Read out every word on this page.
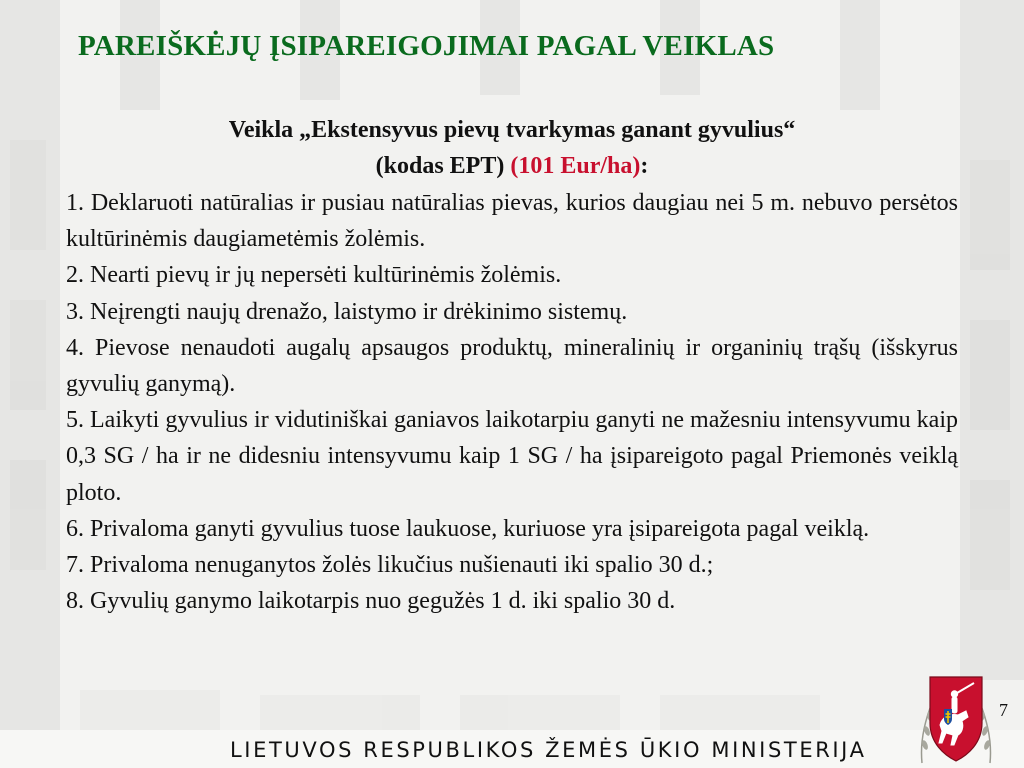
PAREIŠKĖJŲ ĮSIPAREIGOJIMAI PAGAL VEIKLAS
Veikla „Ekstensyvus pievų tvarkymas ganant gyvulius“
(kodas EPT) (101 Eur/ha):

1. Deklaruoti natūralias ir pusiau natūralias pievas, kurios daugiau nei 5 m. nebuvo persėtos kultūrinėmis daugiametėmis žolėmis.

2. Nearti pievų ir jų nepersėti kultūrinėmis žolėmis.

3. Neįrengti naujų drenažo, laistymo ir drėkinimo sistemų.

4. Pievose nenaudoti augalų apsaugos produktų, mineralinių ir organinių trąšų (išskyrus gyvulių ganymą).

5. Laikyti gyvulius ir vidutiniškai ganiavos laikotarpiu ganyti ne mažesniu intensyvumu kaip 0,3 SG / ha ir ne didesniu intensyvumu kaip 1 SG / ha įsipareigoto pagal Priemonės veiklą ploto.

6. Privaloma ganyti gyvulius tuose laukuose, kuriuose yra įsipareigota pagal veiklą.

7. Privaloma nenuganytos žolės likučius nušienauti iki spalio 30 d.;

8. Gyvulių ganymo laikotarpis nuo gegužės 1 d. iki spalio 30 d.

7
LIETUVOS RESPUBLIKOS ŽEMĖS ŪKIO MINISTERIJA
